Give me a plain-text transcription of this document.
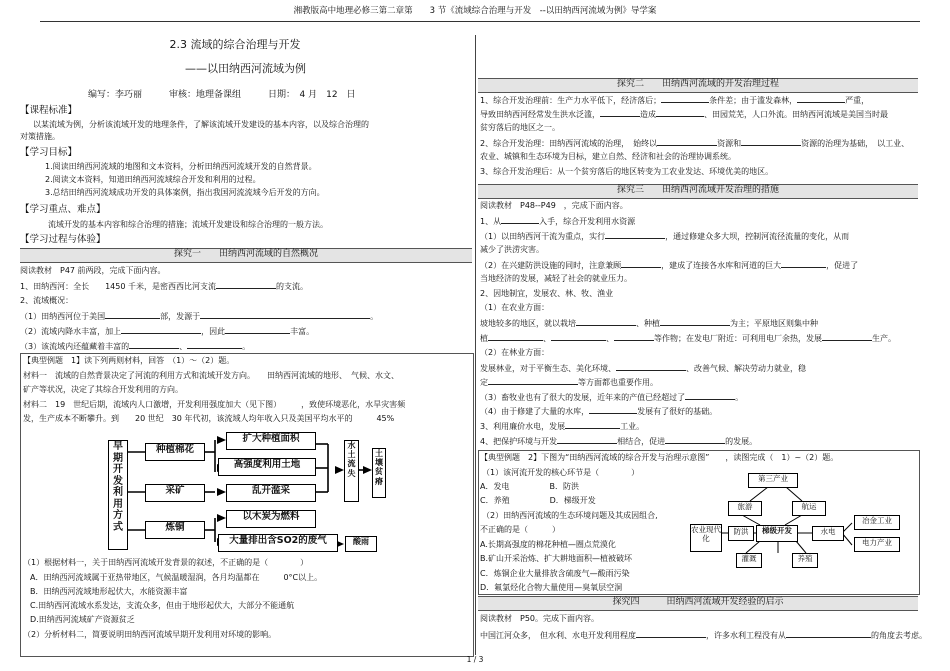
湘教版高中地理必修三第二章第　　3 节《流域综合治理与开发　--以田纳西河流域为例》导学案
2.3 流域的综合治理与开发
——以田纳西河流域为例
编写：李巧丽　　　审核：地理备课组　　　日期：　4 月　12　日
【课程标准】
以某流域为例，分析该流域开发的地理条件，了解该流域开发建设的基本内容，以及综合治理的
对策措施。
【学习目标】
1.阅读田纳西河流域的地图和文本资料，分析田纳西河流域开发的自然背景。
2.阅读文本资料，知道田纳西河流域综合开发和利用的过程。
3.总结田纳西河流域成功开发的具体案例，指出我国河流流域今后开发的方向。
【学习重点、难点】
流域开发的基本内容和综合治理的措施；流域开发建设和综合治理的一般方法。
【学习过程与体验】
探究一　　田纳西河流域的自然概况
阅读教材　P47 前两段，完成下面内容。
1、田纳西河：全长　　1450 千米，是密西西比河支流	的支流。
2、流域概况：
（1）田纳西河位于美国	部，发源于	。
（2）流域内降水丰富，加上	，因此	丰富。
（3）该流域内还蕴藏着丰富的	、	。
【典型例题　1】读下列两则材料，回答　（1）～（2）题。
材料一　流域的自然背景决定了河流的利用方式和流域开发方向。　　田纳西河流域的地形、　气候、水文、
矿产等状况，决定了其综合开发利用的方向。
材料二　19　世纪后期，流域内人口激增，开发利用强度加大（见下图）　　　，致使环境恶化，水旱灾害频
发，生产成本不断攀升。到　　20 世纪　30 年代初，该流域人均年收入只及美国平均水平的　　　45%
早期开发利用方式
种植棉花
采矿
炼铜
扩大种植面积
高强度利用土地
乱开滥采
以木炭为燃料
大量排出含SO2的废气
水土流失
土壤贫瘠
酸雨
（1）根据材料一，关于田纳西河流域开发背景的叙述，不正确的是（　　　　）
A．田纳西河流域属于亚热带地区，气候温暖湿润，各月均温都在　　　0°C以上。
B．田纳西河流域地形起伏大，水能资源丰富
C.田纳西河流域水系发达，支流众多，但由于地形起伏大，大部分不能通航
D.田纳西河流域矿产资源贫乏
（2）分析材料二，简要说明田纳西河流域早期开发利用对环境的影响。
探究二　　田纳西河流域的开发治理过程
1、综合开发治理前：生产力水平低下，经济落后；	条件差；由于滥发森林，	严重，
导致田纳西河经常发生洪水泛滥，	造成	、田园荒芜，人口外流。田纳西河流域是美国当时最
贫穷落后的地区之一。
2、综合开发治理：田纳西河流域的治理，　始终以	资源和	资源的治理为基础，　以工业、
农业、城镇和生态环境为目标，建立自然、经济和社会的治理协调系统。
3、综合开发治理后：从一个贫穷落后的地区转变为工农业发达、环境优美的地区。
探究三　　田纳西河流域开发治理的措施
阅读教材　P48--P49　，完成下面内容。
1、从	入手，综合开发利用水资源
（1）以田纳西河干流为重点，实行	，通过修建众多大坝，控制河流径流量的变化，从而
减少了洪涝灾害。
（2）在兴建防洪设施的同时，注意兼顾	，建成了连接各水库和河道的巨大	，促进了
当地经济的发展，减轻了社会的就业压力。
2、因地制宜，发展农、林、牧、渔业
（1）在农业方面：
坡地较多的地区，就以栽培	、种植	为主；平原地区则集中种
植	、	、	等作物；在发电厂附近：可利用电厂余热，发展	生产。
（2）在林业方面：
发展林业，对于平衡生态、美化环境、	、改善气候、解决劳动力就业，稳
定	等方面都也重要作用。
（3）畜牧业也有了很大的发展，近年来的产值已经超过了	。
（4）由于修建了大量的水库，	发展有了很好的基础。
3、利用廉价水电，发展	工业。
4、把保护环境与开发	相结合，促进	的发展。
【典型例题　2】下图为“田纳西河流域的综合开发与治理示意图”　　，读图完成（　1）~（2）题。
（1）该河流开发的核心环节是（　　　　）
A．发电　　　　　B．防洪
C．养殖　　　　　D．梯级开发
（2）田纳西河流域的生态环境问题及其成因组合,
不正确的是（　　　）
A.长期高强度的棉花种植—圈点荒漠化
B.矿山开采治炼、扩大耕地面积—植被破坏
C．炼铜企业大量排放含硫废气—酸雨污染
D．氟氯烃化合物大量使用—臭氧层空洞
第三产业
旅游	航运
农业现代化
防洪	梯级开发	水电
灌溉	养殖
冶金工业
电力产业
探究四　　　田纳西河流域开发经验的启示
阅读教材　P50。完成下面内容。
中国江河众多，　但水利、水电开发利用程度	，许多水利工程没有从	的角度去考虑。
1 / 3
